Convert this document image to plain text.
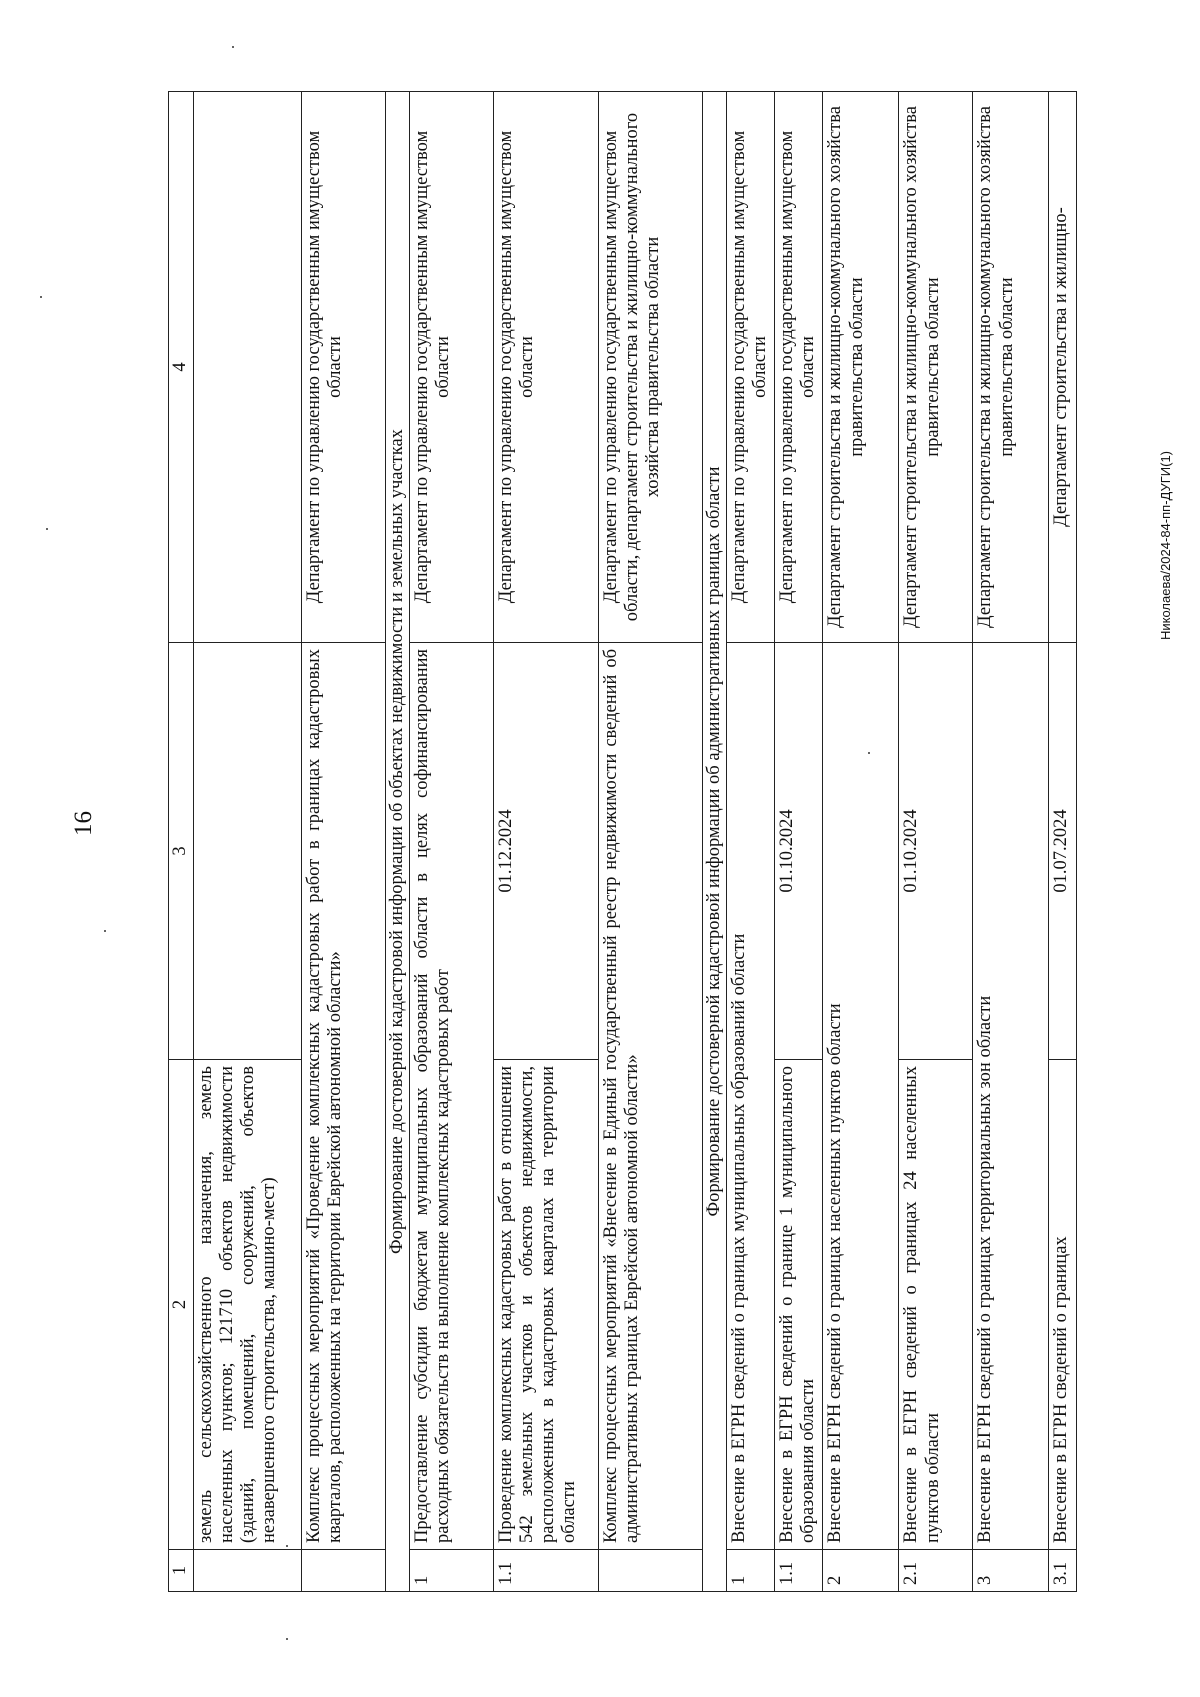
16
Николаева/2024-84-пп-ДУГИ(1)
1	2	3	4
	земель сельскохозяйственного назначения, земель населенных пунктов; 121710 объектов недвижимости (зданий, помещений, сооружений, объектов незавершенного строительства, машино-мест)		
	Комплекс процессных мероприятий «Проведение комплексных кадастровых работ в границах кадастровых кварталов, расположенных на территории Еврейской автономной области»		Департамент по управлению государственным имуществом области
Формирование достоверной кадастровой информации об объектах недвижимости и земельных участках			
1	Предоставление субсидии бюджетам муниципальных образований области в целях софинансирования расходных обязательств на выполнение комплексных кадастровых работ		Департамент по управлению государственным имуществом области
1.1	Проведение комплексных кадастровых работ в отношении 542 земельных участков и объектов недвижимости, расположенных в кадастровых кварталах на территории области	01.12.2024	Департамент по управлению государственным имуществом области
	Комплекс процессных мероприятий «Внесение в Единый государственный реестр недвижимости сведений об административных границах Еврейской автономной области»		Департамент по управлению государственным имуществом области, департамент строительства и жилищно-коммунального хозяйства правительства области
Формирование достоверной кадастровой информации об административных границах области			
1	Внесение в ЕГРН сведений о границах муниципальных образований области		Департамент по управлению государственным имуществом области
1.1	Внесение в ЕГРН сведений о границе 1 муниципального образования области	01.10.2024	Департамент по управлению государственным имуществом области
2	Внесение в ЕГРН сведений о границах населенных пунктов области		Департамент строительства и жилищно-коммунального хозяйства правительства области
2.1	Внесение в ЕГРН сведений о границах 24 населенных пунктов области	01.10.2024	Департамент строительства и жилищно-коммунального хозяйства правительства области
3	Внесение в ЕГРН сведений о границах территориальных зон области		Департамент строительства и жилищно-коммунального хозяйства правительства области
3.1	Внесение в ЕГРН сведений о границах	01.07.2024	Департамент строительства и жилищно-
